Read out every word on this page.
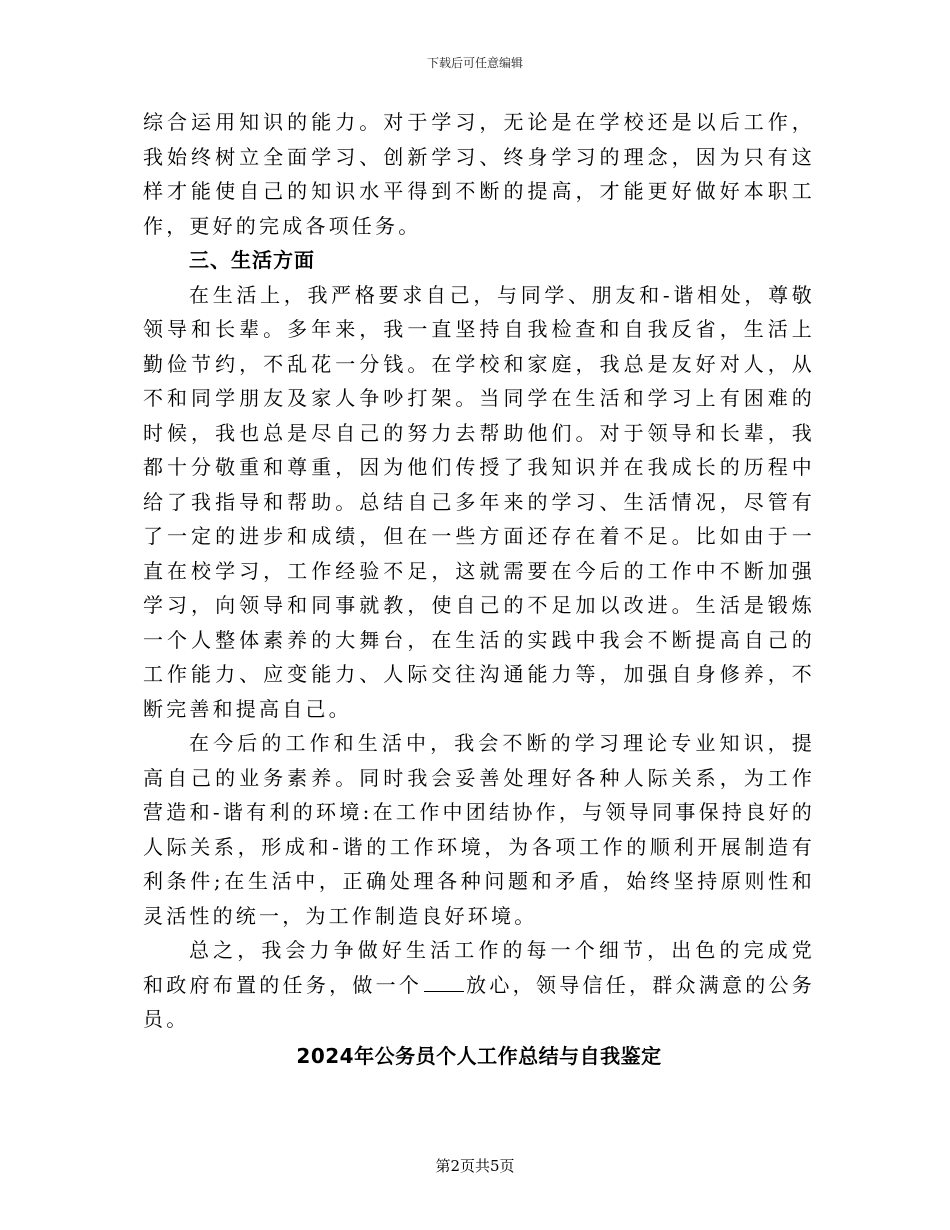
下载后可任意编辑

综合运用知识的能力。对于学习，无论是在学校还是以后工作，我始终树立全面学习、创新学习、终身学习的理念，因为只有这样才能使自己的知识水平得到不断的提高，才能更好做好本职工作，更好的完成各项任务。

三、生活方面

在生活上，我严格要求自己，与同学、朋友和-谐相处，尊敬领导和长辈。多年来，我一直坚持自我检查和自我反省，生活上勤俭节约，不乱花一分钱。在学校和家庭，我总是友好对人，从不和同学朋友及家人争吵打架。当同学在生活和学习上有困难的时候，我也总是尽自己的努力去帮助他们。对于领导和长辈，我都十分敬重和尊重，因为他们传授了我知识并在我成长的历程中给了我指导和帮助。总结自己多年来的学习、生活情况，尽管有了一定的进步和成绩，但在一些方面还存在着不足。比如由于一直在校学习，工作经验不足，这就需要在今后的工作中不断加强学习，向领导和同事就教，使自己的不足加以改进。生活是锻炼一个人整体素养的大舞台，在生活的实践中我会不断提高自己的工作能力、应变能力、人际交往沟通能力等，加强自身修养，不断完善和提高自己。

在今后的工作和生活中，我会不断的学习理论专业知识，提高自己的业务素养。同时我会妥善处理好各种人际关系，为工作营造和-谐有利的环境:在工作中团结协作，与领导同事保持良好的人际关系，形成和-谐的工作环境，为各项工作的顺利开展制造有利条件;在生活中，正确处理各种问题和矛盾，始终坚持原则性和灵活性的统一，为工作制造良好环境。

总之，我会力争做好生活工作的每一个细节，出色的完成党和政府布置的任务，做一个 放心，领导信任，群众满意的公务员。

2024年公务员个人工作总结与自我鉴定

第2页共5页
